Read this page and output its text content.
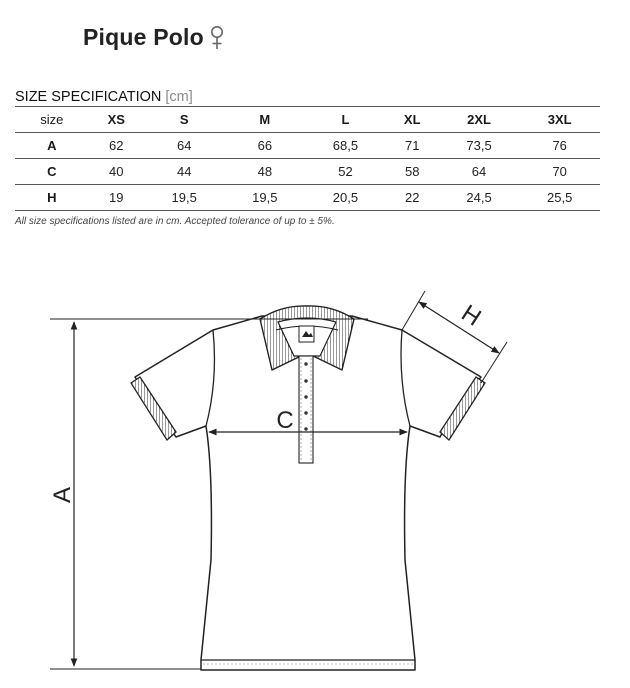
Pique Polo
SIZE SPECIFICATION [cm]
size	XS	S	M	L	XL	2XL	3XL
A	62	64	66	68,5	71	73,5	76
C	40	44	48	52	58	64	70
H	19	19,5	19,5	20,5	22	24,5	25,5
All size specifications listed are in cm. Accepted tolerance of up to ± 5%.
A
C
H
